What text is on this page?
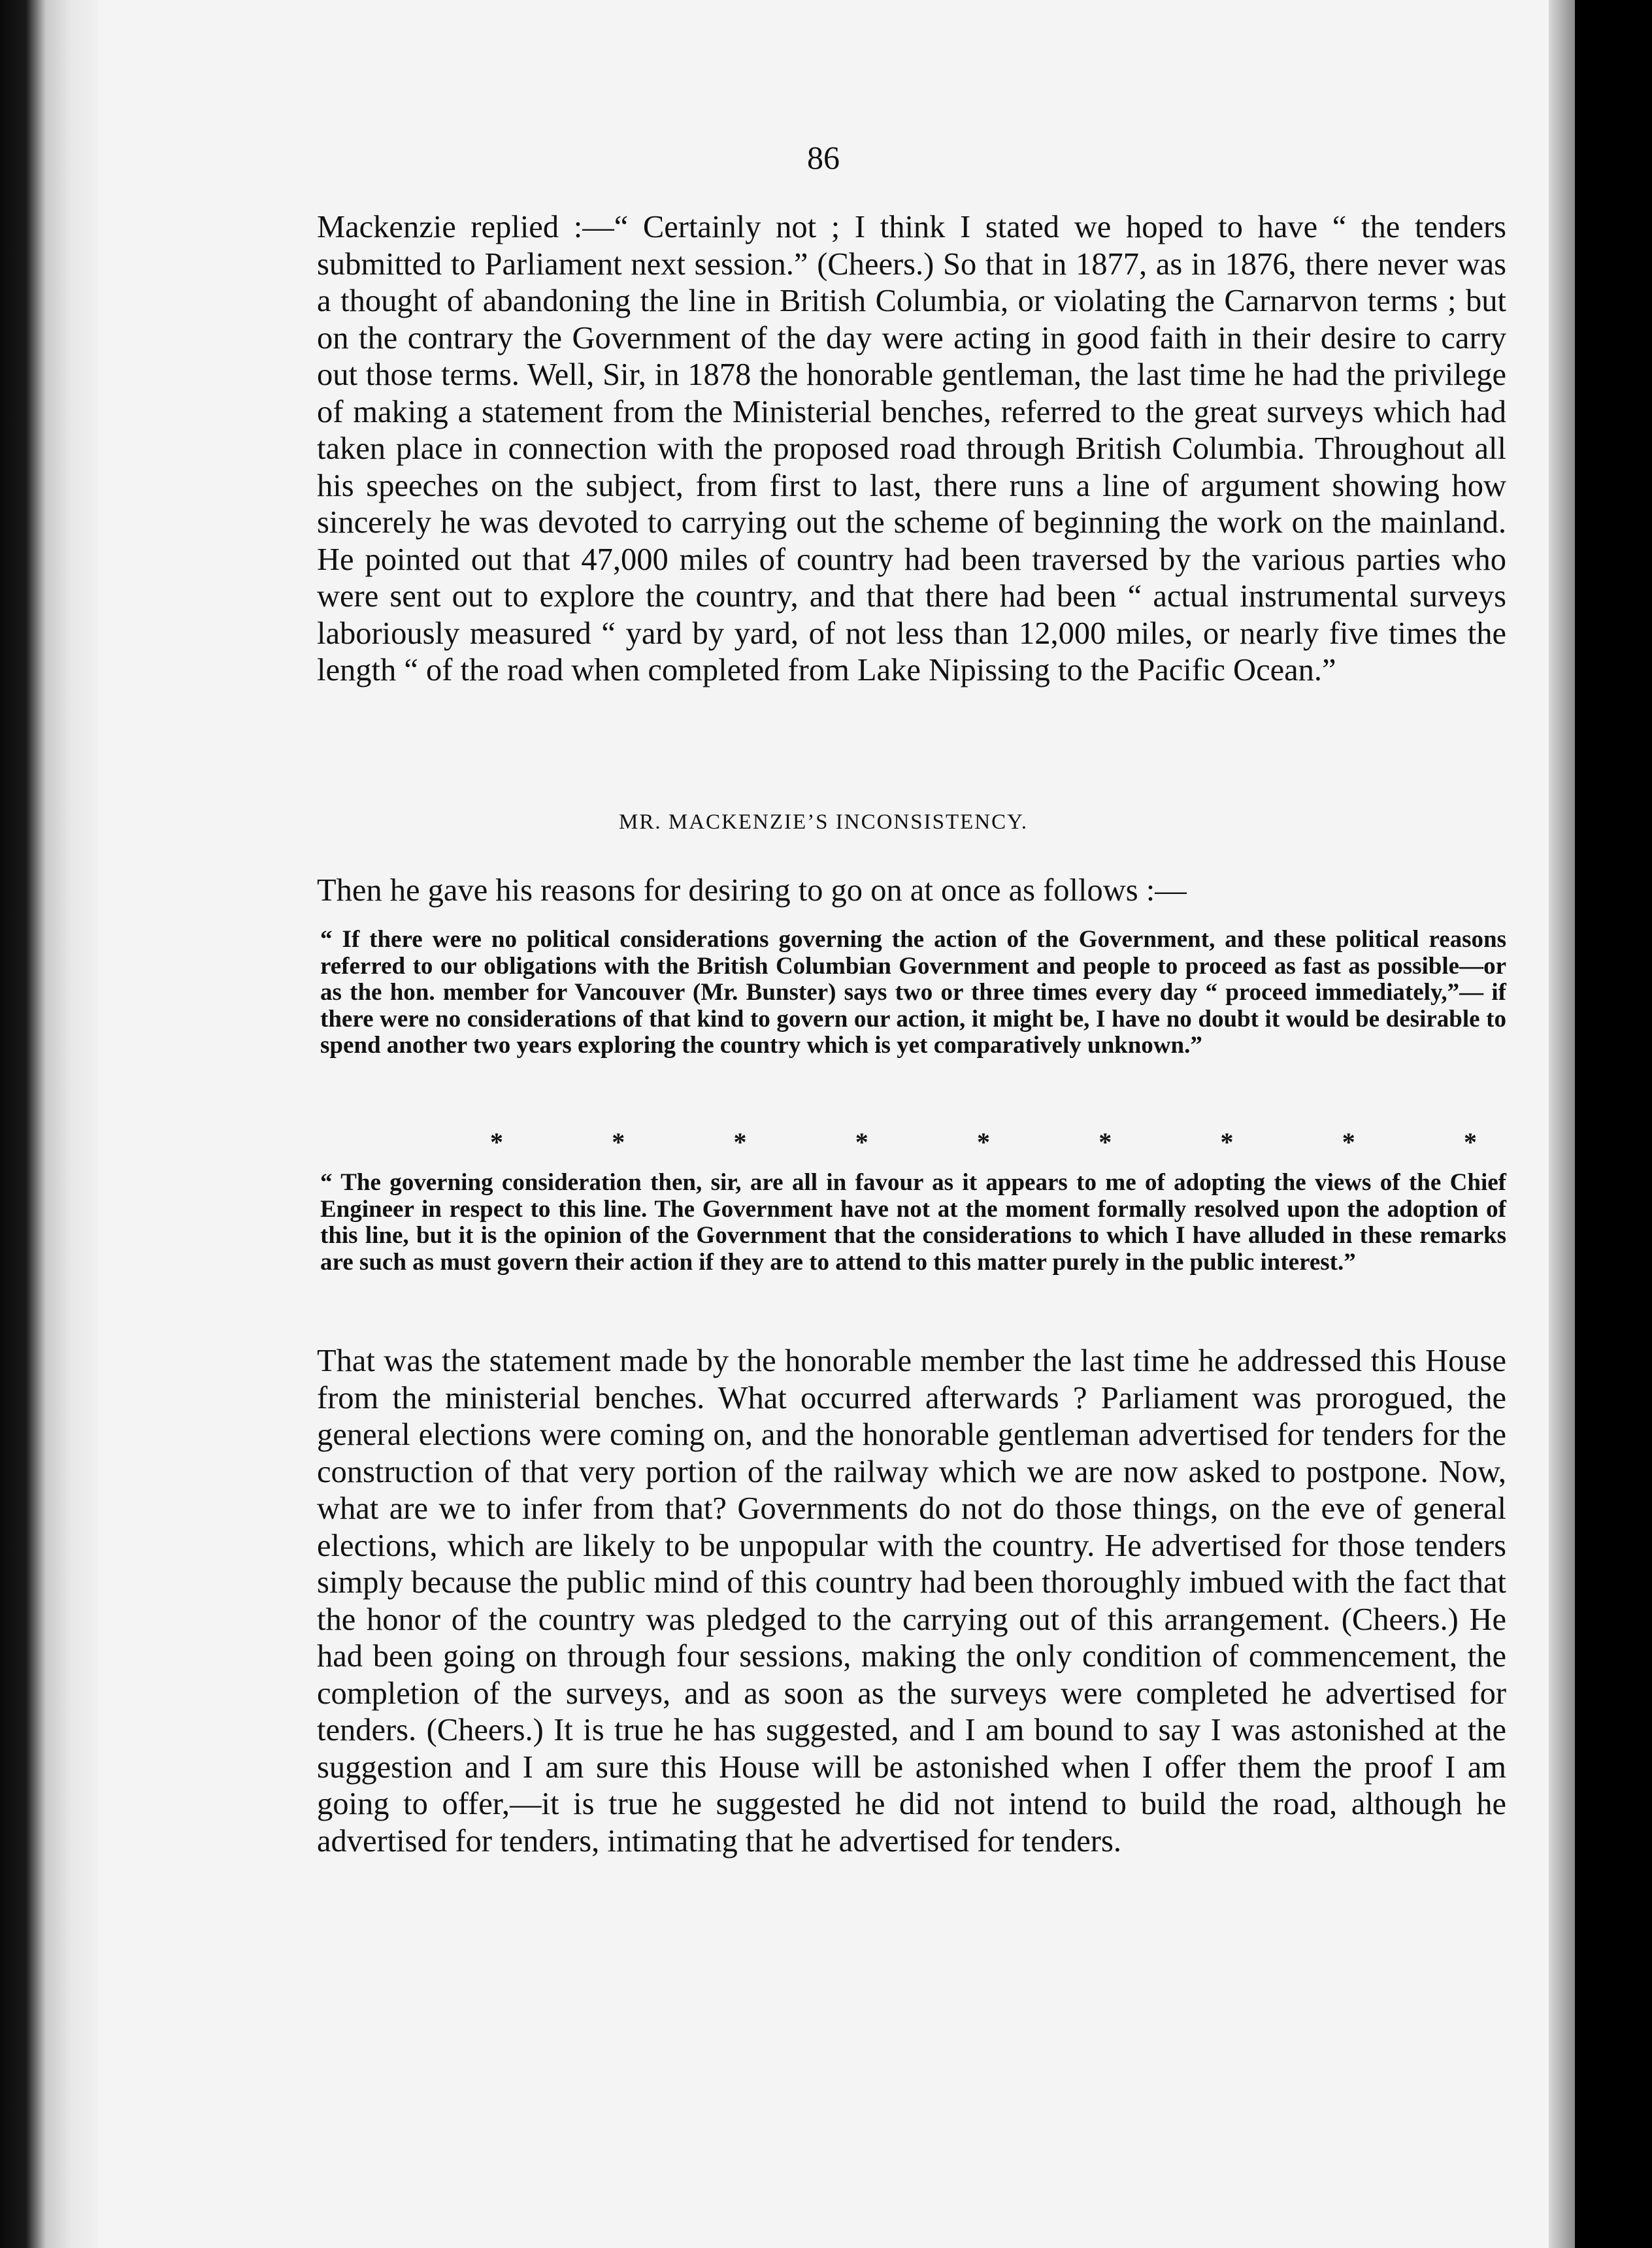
86

Mackenzie replied :—“ Certainly not ; I think I stated we hoped to have “ the tenders submitted to Parliament next session.” (Cheers.) So that in 1877, as in 1876, there never was a thought of abandoning the line in British Columbia, or violating the Carnarvon terms ; but on the contrary the Government of the day were acting in good faith in their desire to carry out those terms. Well, Sir, in 1878 the honorable gentleman, the last time he had the privilege of making a statement from the Ministerial benches, referred to the great surveys which had taken place in connection with the proposed road through British Columbia. Throughout all his speeches on the subject, from first to last, there runs a line of argument showing how sincerely he was devoted to carrying out the scheme of beginning the work on the mainland. He pointed out that 47,000 miles of country had been traversed by the various parties who were sent out to explore the country, and that there had been “ actual instrumental surveys laboriously measured “ yard by yard, of not less than 12,000 miles, or nearly five times the length “ of the road when completed from Lake Nipissing to the Pacific Ocean.”

MR. MACKENZIE’S INCONSISTENCY.

Then he gave his reasons for desiring to go on at once as follows :—

“ If there were no political considerations governing the action of the Government, and these political reasons referred to our obligations with the British Columbian Government and people to proceed as fast as possible—or as the hon. member for Vancouver (Mr. Bunster) says two or three times every day “ proceed immediately,”— if there were no considerations of that kind to govern our action, it might be, I have no doubt it would be desirable to spend another two years exploring the country which is yet comparatively unknown.”

*	*	*	*	*	*	*	*	*

“ The governing consideration then, sir, are all in favour as it appears to me of adopting the views of the Chief Engineer in respect to this line. The Government have not at the moment formally resolved upon the adoption of this line, but it is the opinion of the Government that the considerations to which I have alluded in these remarks are such as must govern their action if they are to attend to this matter purely in the public interest.”

That was the statement made by the honorable member the last time he addressed this House from the ministerial benches. What occurred afterwards ? Parliament was prorogued, the general elections were coming on, and the honorable gentleman advertised for tenders for the construction of that very portion of the railway which we are now asked to postpone. Now, what are we to infer from that? Governments do not do those things, on the eve of general elections, which are likely to be unpopular with the country. He advertised for those tenders simply because the public mind of this country had been thoroughly imbued with the fact that the honor of the country was pledged to the carrying out of this arrangement. (Cheers.) He had been going on through four sessions, making the only condition of commencement, the completion of the surveys, and as soon as the surveys were completed he advertised for tenders. (Cheers.) It is true he has suggested, and I am bound to say I was astonished at the suggestion and I am sure this House will be astonished when I offer them the proof I am going to offer,—it is true he suggested he did not intend to build the road, although he advertised for tenders, intimating that he advertised for tenders.
